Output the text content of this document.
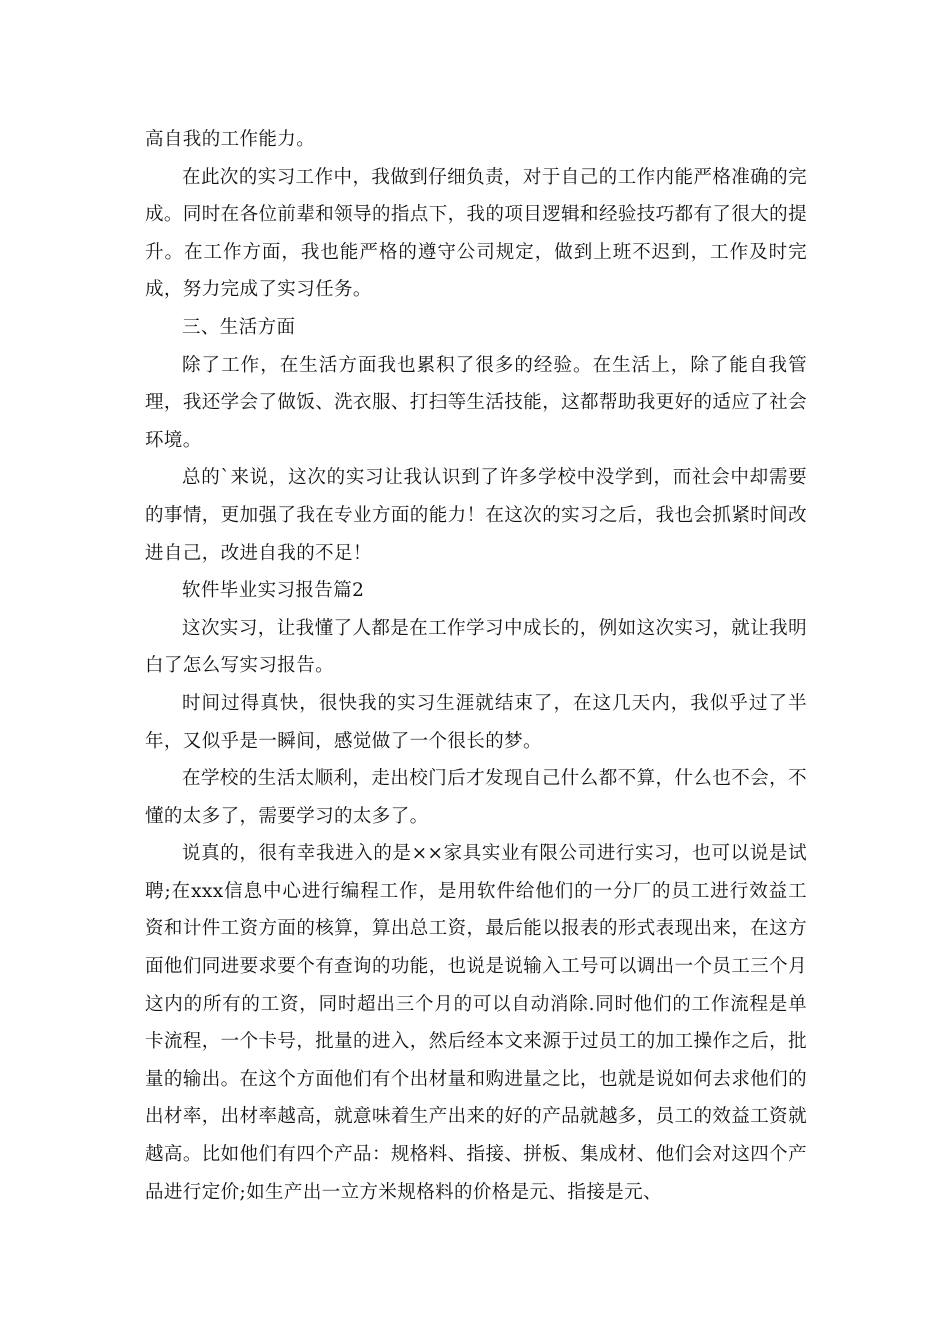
高自我的工作能力。

在此次的实习工作中，我做到仔细负责，对于自己的工作内能严格准确的完成。同时在各位前辈和领导的指点下，我的项目逻辑和经验技巧都有了很大的提升。在工作方面，我也能严格的遵守公司规定，做到上班不迟到，工作及时完成，努力完成了实习任务。

三、生活方面

除了工作，在生活方面我也累积了很多的经验。在生活上，除了能自我管理，我还学会了做饭、洗衣服、打扫等生活技能，这都帮助我更好的适应了社会环境。

总的`来说，这次的实习让我认识到了许多学校中没学到，而社会中却需要的事情，更加强了我在专业方面的能力！在这次的实习之后，我也会抓紧时间改进自己，改进自我的不足！

软件毕业实习报告篇2

这次实习，让我懂了人都是在工作学习中成长的，例如这次实习，就让我明白了怎么写实习报告。

时间过得真快，很快我的实习生涯就结束了，在这几天内，我似乎过了半年，又似乎是一瞬间，感觉做了一个很长的梦。

在学校的生活太顺利，走出校门后才发现自己什么都不算，什么也不会，不懂的太多了，需要学习的太多了。

说真的，很有幸我进入的是××家具实业有限公司进行实习，也可以说是试聘;在xxx信息中心进行编程工作，是用软件给他们的一分厂的员工进行效益工资和计件工资方面的核算，算出总工资，最后能以报表的形式表现出来，在这方面他们同进要求要个有查询的功能，也说是说输入工号可以调出一个员工三个月这内的所有的工资，同时超出三个月的可以自动消除.同时他们的工作流程是单卡流程，一个卡号，批量的进入，然后经本文来源于过员工的加工操作之后，批量的输出。在这个方面他们有个出材量和购进量之比，也就是说如何去求他们的出材率，出材率越高，就意味着生产出来的好的产品就越多，员工的效益工资就越高。比如他们有四个产品：规格料、指接、拼板、集成材、他们会对这四个产品进行定价;如生产出一立方米规格料的价格是元、指接是元、
